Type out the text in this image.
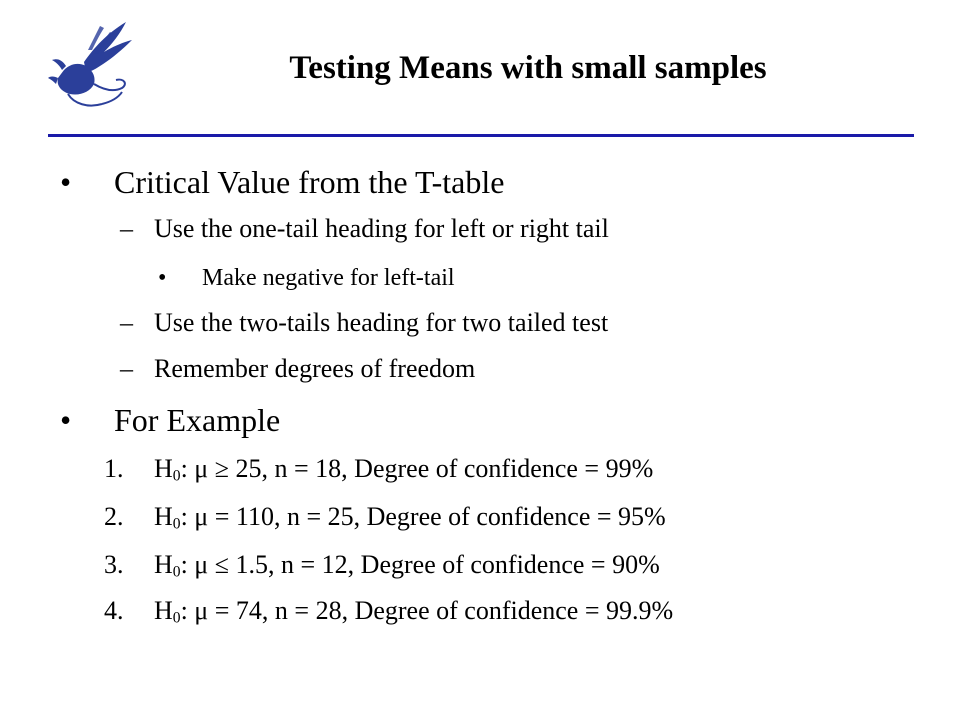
Testing Means with small samples
• Critical Value from the T-table
– Use the one-tail heading for left or right tail
• Make negative for left-tail
– Use the two-tails heading for two tailed test
– Remember degrees of freedom
• For Example
1. $H_0$: μ ≥ 25, n = 18, Degree of confidence = 99%
2. $H_0$: μ = 110, n = 25, Degree of confidence = 95%
3. $H_0$: μ ≤ 1.5, n = 12, Degree of confidence = 90%
4. $H_0$: μ = 74, n = 28, Degree of confidence = 99.9%
